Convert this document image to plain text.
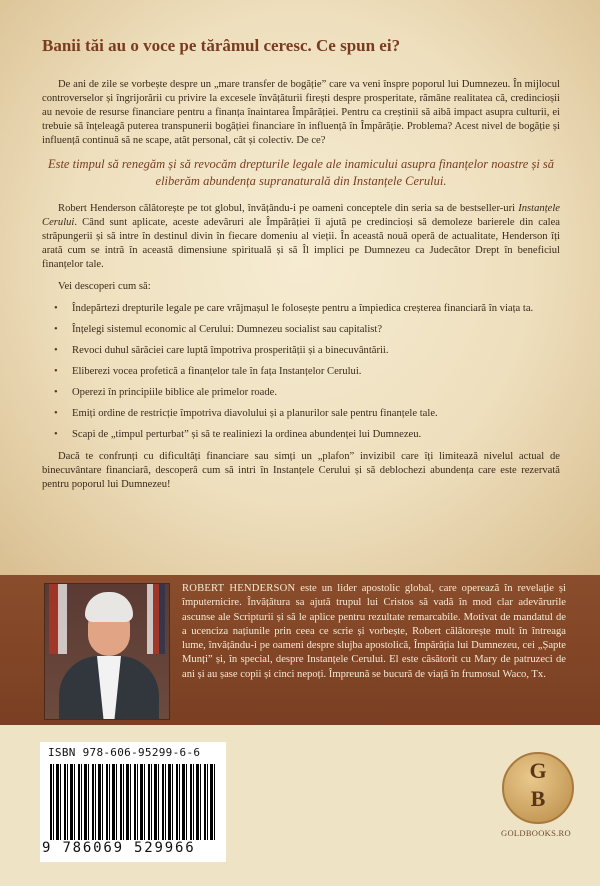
Banii tăi au o voce pe tărâmul ceresc. Ce spun ei?

De ani de zile se vorbește despre un „mare transfer de bogăție” care va veni înspre poporul lui Dumnezeu. În mijlocul controverselor și îngrijorării cu privire la excesele învățăturii firești despre prosperitate, rămâne realitatea că, credincioșii au nevoie de resurse financiare pentru a finanța înaintarea Împărăției. Pentru ca creștinii să aibă impact asupra culturii, ei trebuie să înțeleagă puterea transpunerii bogăției financiare în influență în Împărăție. Problema? Acest nivel de bogăție și influență continuă să ne scape, atât personal, cât și colectiv. De ce?

Este timpul să renegăm și să revocăm drepturile legale ale inamicului asupra finanțelor noastre și să eliberăm abundența supranaturală din Instanțele Cerului.

Robert Henderson călătorește pe tot globul, învățându-i pe oameni conceptele din seria sa de bestseller-uri Instanțele Cerului. Când sunt aplicate, aceste adevăruri ale Împărăției îi ajută pe credincioși să demoleze barierele din calea străpungerii și să intre în destinul divin în fiecare domeniu al vieții. În această nouă operă de actualitate, Henderson îți arată cum se intră în această dimensiune spirituală și să Îl implici pe Dumnezeu ca Judecător Drept în beneficiul finanțelor tale.

Vei descoperi cum să:

• Îndepărtezi drepturile legale pe care vrăjmașul le folosește pentru a împiedica creșterea financiară în viața ta.
• Înțelegi sistemul economic al Cerului: Dumnezeu socialist sau capitalist?
• Revoci duhul sărăciei care luptă împotriva prosperității și a binecuvântării.
• Eliberezi vocea profetică a finanțelor tale în fața Instanțelor Cerului.
• Operezi în principiile biblice ale primelor roade.
• Emiți ordine de restricție împotriva diavolului și a planurilor sale pentru finanțele tale.
• Scapi de „timpul perturbat” și să te realiniezi la ordinea abundenței lui Dumnezeu.

Dacă te confrunți cu dificultăți financiare sau simți un „plafon” invizibil care îți limitează nivelul actual de binecuvântare financiară, descoperă cum să intri în Instanțele Cerului și să deblochezi abundența care este rezervată pentru poporul lui Dumnezeu!

ROBERT HENDERSON este un lider apostolic global, care operează în revelație și împuternicire. Învățătura sa ajută trupul lui Cristos să vadă în mod clar adevărurile ascunse ale Scripturii și să le aplice pentru rezultate remarcabile. Motivat de mandatul de a ucenciza națiunile prin ceea ce scrie și vorbește, Robert călătorește mult în întreaga lume, învățându-i pe oameni despre slujba apostolică, Împărăția lui Dumnezeu, cei „Șapte Munți” și, în special, despre Instanțele Cerului. El este căsătorit cu Mary de patruzeci de ani și au șase copii și cinci nepoți. Împreună se bucură de viață în frumosul Waco, Tx.

ISBN 978-606-95299-6-6
9 786069 529966
G
B
GOLDBOOKS.RO
